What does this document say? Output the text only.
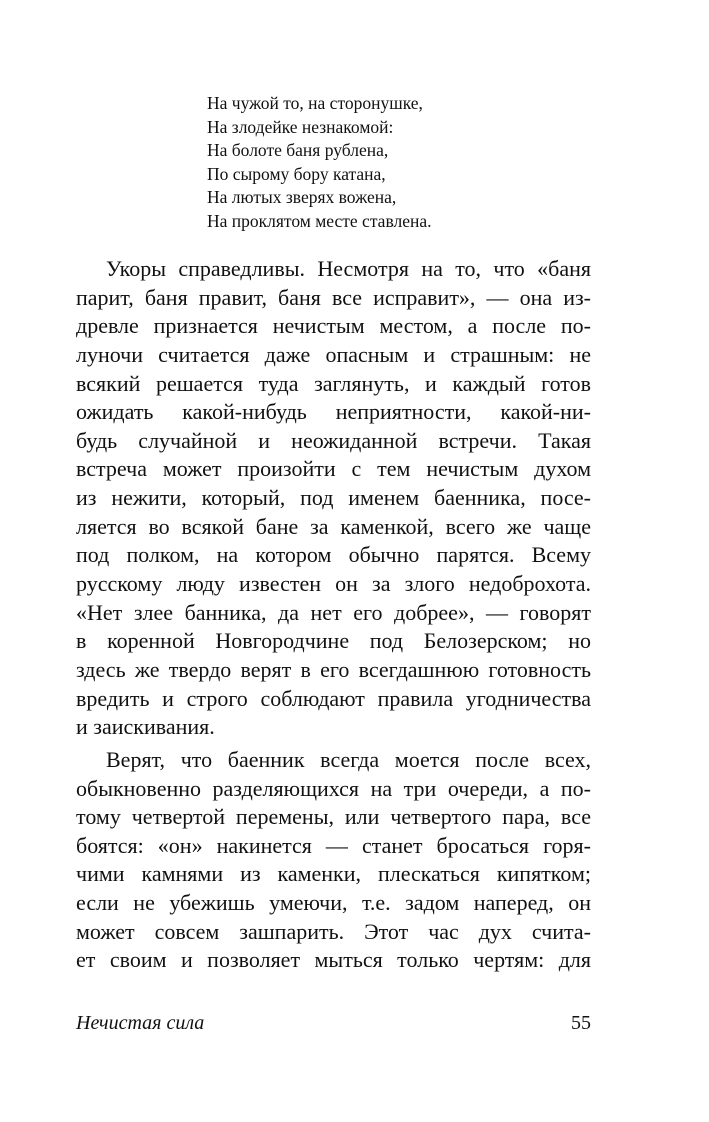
На чужой то, на сторонушке,
На злодейке незнакомой:
На болоте баня рублена,
По сырому бору катана,
На лютых зверях вожена,
На проклятом месте ставлена.
Укоры справедливы. Несмотря на то, что «баня
парит, баня правит, баня все исправит», — она из-
древле признается нечистым местом, а после по-
луночи считается даже опасным и страшным: не
всякий решается туда заглянуть, и каждый готов
ожидать какой-нибудь неприятности, какой-ни-
будь случайной и неожиданной встречи. Такая
встреча может произойти с тем нечистым духом
из нежити, который, под именем баенника, посе-
ляется во всякой бане за каменкой, всего же чаще
под полком, на котором обычно парятся. Всему
русскому люду известен он за злого недоброхота.
«Нет злее банника, да нет его добрее», — говорят
в коренной Новгородчине под Белозерском; но
здесь же твердо верят в его всегдашнюю готовность
вредить и строго соблюдают правила угодничества
и заискивания.
Верят, что баенник всегда моется после всех,
обыкновенно разделяющихся на три очереди, а по-
тому четвертой перемены, или четвертого пара, все
боятся: «он» накинется — станет бросаться горя-
чими камнями из каменки, плескаться кипятком;
если не убежишь умеючи, т.е. задом наперед, он
может совсем зашпарить. Этот час дух счита-
ет своим и позволяет мыться только чертям: для
Нечистая сила	55
